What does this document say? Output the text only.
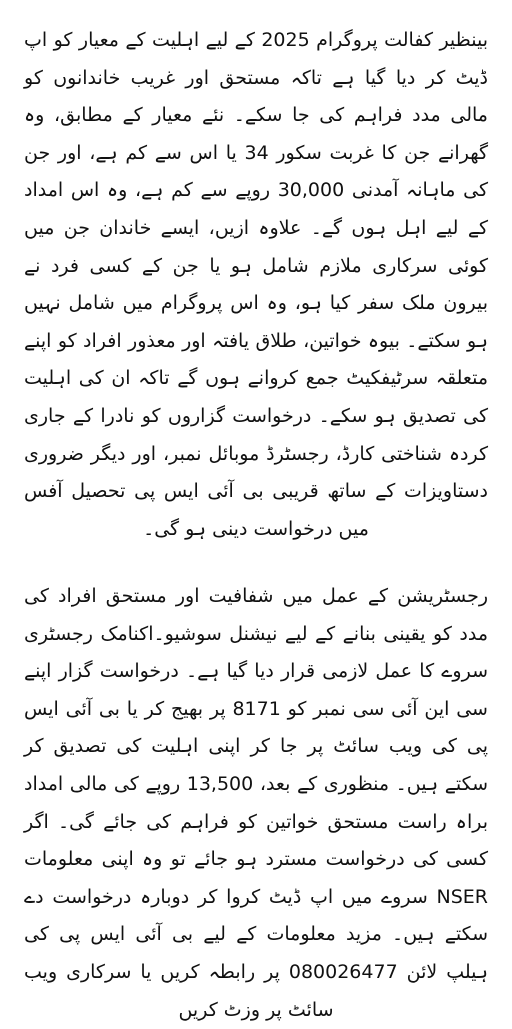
بینظیر کفالت پروگرام 2025 کے لیے اہلیت کے معیار کو اپ ڈیٹ کر دیا گیا ہے تاکہ مستحق اور غریب خاندانوں کو مالی مدد فراہم کی جا سکے۔ نئے معیار کے مطابق، وہ گھرانے جن کا غربت سکور 34 یا اس سے کم ہے، اور جن کی ماہانہ آمدنی 30,000 روپے سے کم ہے، وہ اس امداد کے لیے اہل ہوں گے۔ علاوہ ازیں، ایسے خاندان جن میں کوئی سرکاری ملازم شامل ہو یا جن کے کسی فرد نے بیرون ملک سفر کیا ہو، وہ اس پروگرام میں شامل نہیں ہو سکتے۔ بیوہ خواتین، طلاق یافتہ اور معذور افراد کو اپنے متعلقہ سرٹیفکیٹ جمع کروانے ہوں گے تاکہ ان کی اہلیت کی تصدیق ہو سکے۔ درخواست گزاروں کو نادرا کے جاری کردہ شناختی کارڈ، رجسٹرڈ موبائل نمبر، اور دیگر ضروری دستاویزات کے ساتھ قریبی بی آئی ایس پی تحصیل آفس میں درخواست دینی ہو گی۔

رجسٹریشن کے عمل میں شفافیت اور مستحق افراد کی مدد کو یقینی بنانے کے لیے نیشنل سوشیو۔اکنامک رجسٹری سروے کا عمل لازمی قرار دیا گیا ہے۔ درخواست گزار اپنے سی این آئی سی نمبر کو 8171 پر بھیج کر یا بی آئی ایس پی کی ویب سائٹ پر جا کر اپنی اہلیت کی تصدیق کر سکتے ہیں۔ منظوری کے بعد، 13,500 روپے کی مالی امداد براہ راست مستحق خواتین کو فراہم کی جائے گی۔ اگر کسی کی درخواست مسترد ہو جائے تو وہ اپنی معلومات NSER سروے میں اپ ڈیٹ کروا کر دوبارہ درخواست دے سکتے ہیں۔ مزید معلومات کے لیے بی آئی ایس پی کی ہیلپ لائن 080026477 پر رابطہ کریں یا سرکاری ویب سائٹ پر وزٹ کریں
